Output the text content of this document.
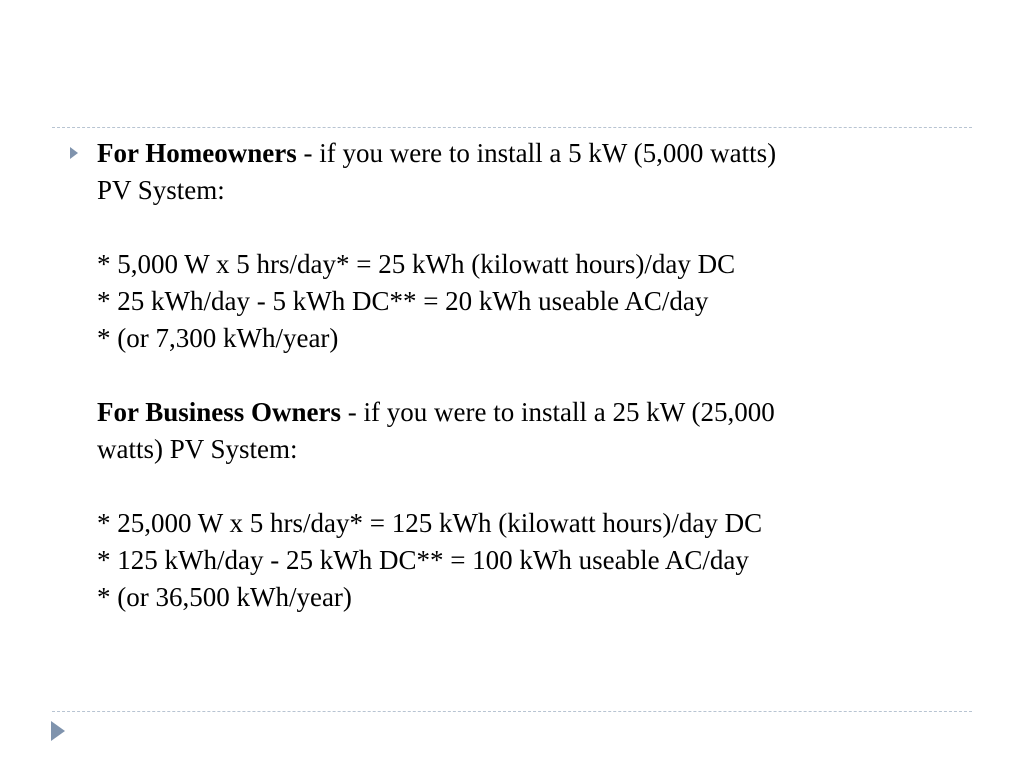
For Homeowners - if you were to install a 5 kW (5,000 watts)
PV System:
* 5,000 W x 5 hrs/day* = 25 kWh (kilowatt hours)/day DC
* 25 kWh/day - 5 kWh DC** = 20 kWh useable AC/day
* (or 7,300 kWh/year)
For Business Owners - if you were to install a 25 kW (25,000
watts) PV System:
* 25,000 W x 5 hrs/day* = 125 kWh (kilowatt hours)/day DC
* 125 kWh/day - 25 kWh DC** = 100 kWh useable AC/day
* (or 36,500 kWh/year)
